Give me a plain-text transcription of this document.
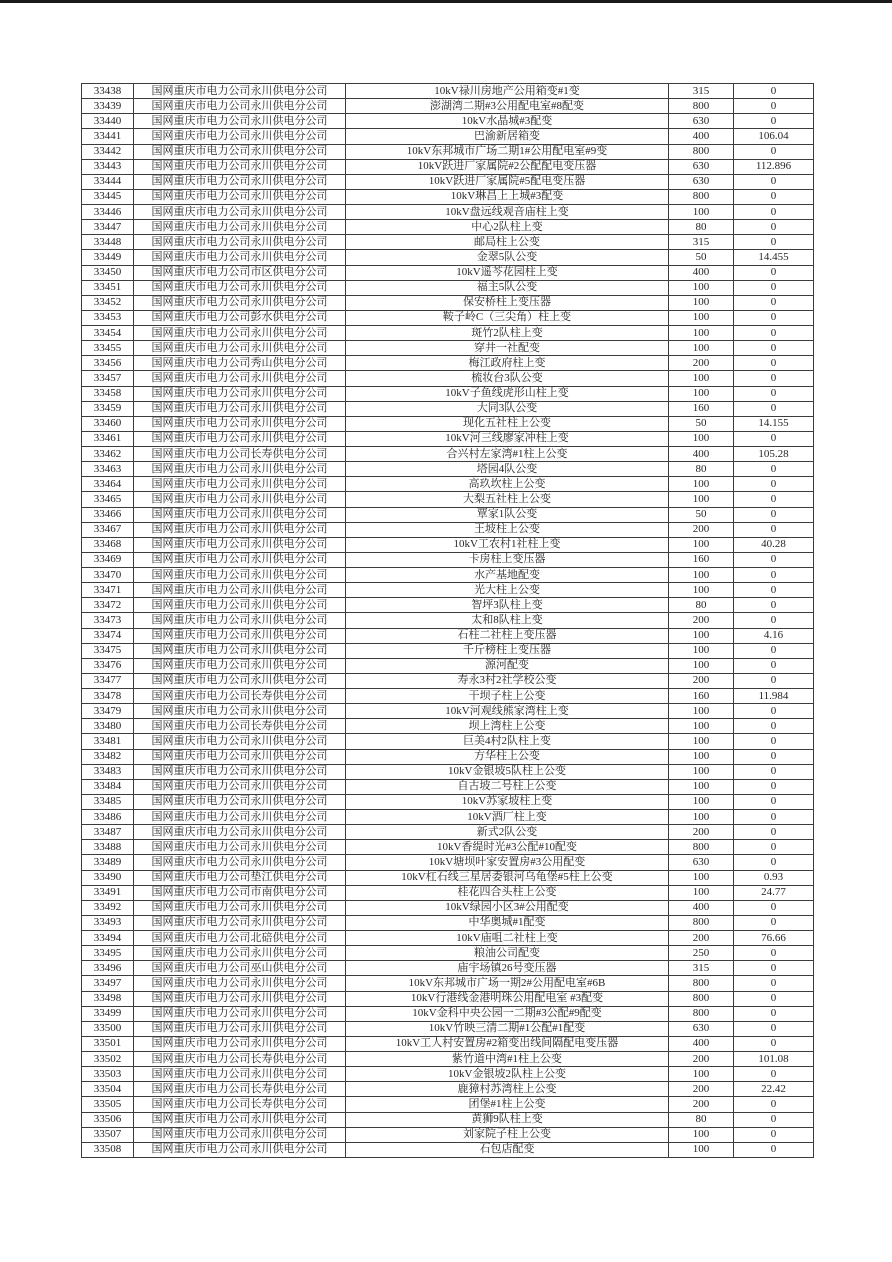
33438	国网重庆市电力公司永川供电分公司	10kV禄川房地产公用箱变#1变	315	0
33439	国网重庆市电力公司永川供电分公司	澎湖湾二期#3公用配电室#8配变	800	0
33440	国网重庆市电力公司永川供电分公司	10kV水晶城#3配变	630	0
33441	国网重庆市电力公司永川供电分公司	巴渝新居箱变	400	106.04
33442	国网重庆市电力公司永川供电分公司	10kV东邦城市广场二期1#公用配电室#9变	800	0
33443	国网重庆市电力公司永川供电分公司	10kV跃进厂家属院#2公配配电变压器	630	112.896
33444	国网重庆市电力公司永川供电分公司	10kV跃进厂家属院#5配电变压器	630	0
33445	国网重庆市电力公司永川供电分公司	10kV琳昌上上城#3配变	800	0
33446	国网重庆市电力公司永川供电分公司	10kV盘远线观音庙柱上变	100	0
33447	国网重庆市电力公司永川供电分公司	中心2队柱上变	80	0
33448	国网重庆市电力公司永川供电分公司	邮局柱上公变	315	0
33449	国网重庆市电力公司永川供电分公司	金翠5队公变	50	14.455
33450	国网重庆市电力公司市区供电分公司	10kV遥芩花园柱上变	400	0
33451	国网重庆市电力公司永川供电分公司	福主5队公变	100	0
33452	国网重庆市电力公司永川供电分公司	保安桥柱上变压器	100	0
33453	国网重庆市电力公司彭水供电分公司	鞍子岭C（三尖角）柱上变	100	0
33454	国网重庆市电力公司永川供电分公司	斑竹2队柱上变	100	0
33455	国网重庆市电力公司永川供电分公司	穿井一社配变	100	0
33456	国网重庆市电力公司秀山供电分公司	梅江政府柱上变	200	0
33457	国网重庆市电力公司永川供电分公司	梳妆台3队公变	100	0
33458	国网重庆市电力公司永川供电分公司	10kV子鱼线虎形山柱上变	100	0
33459	国网重庆市电力公司永川供电分公司	大同3队公变	160	0
33460	国网重庆市电力公司永川供电分公司	现化五社柱上公变	50	14.155
33461	国网重庆市电力公司永川供电分公司	10kV河三线廖家冲柱上变	100	0
33462	国网重庆市电力公司长寿供电分公司	合兴村左家湾#1柱上公变	400	105.28
33463	国网重庆市电力公司永川供电分公司	塔园4队公变	80	0
33464	国网重庆市电力公司永川供电分公司	高玖坎柱上公变	100	0
33465	国网重庆市电力公司永川供电分公司	大梨五社柱上公变	100	0
33466	国网重庆市电力公司永川供电分公司	覃家1队公变	50	0
33467	国网重庆市电力公司永川供电分公司	王坡柱上公变	200	0
33468	国网重庆市电力公司永川供电分公司	10kV工农村1社柱上变	100	40.28
33469	国网重庆市电力公司永川供电分公司	卡房柱上变压器	160	0
33470	国网重庆市电力公司永川供电分公司	水产基地配变	100	0
33471	国网重庆市电力公司永川供电分公司	光大柱上公变	100	0
33472	国网重庆市电力公司永川供电分公司	智坪3队柱上变	80	0
33473	国网重庆市电力公司永川供电分公司	太和8队柱上变	200	0
33474	国网重庆市电力公司永川供电分公司	石柱二社柱上变压器	100	4.16
33475	国网重庆市电力公司永川供电分公司	千斤榜柱上变压器	100	0
33476	国网重庆市电力公司永川供电分公司	源河配变	100	0
33477	国网重庆市电力公司永川供电分公司	寿永3村2社学校公变	200	0
33478	国网重庆市电力公司长寿供电分公司	干坝子柱上公变	160	11.984
33479	国网重庆市电力公司永川供电分公司	10kV河观线熊家湾柱上变	100	0
33480	国网重庆市电力公司长寿供电分公司	坝上湾柱上公变	100	0
33481	国网重庆市电力公司永川供电分公司	巨美4村2队柱上变	100	0
33482	国网重庆市电力公司永川供电分公司	方华柱上公变	100	0
33483	国网重庆市电力公司永川供电分公司	10kV金银坡5队柱上公变	100	0
33484	国网重庆市电力公司永川供电分公司	自古坡二号柱上公变	100	0
33485	国网重庆市电力公司永川供电分公司	10kV苏家坡柱上变	100	0
33486	国网重庆市电力公司永川供电分公司	10kV酒厂柱上变	100	0
33487	国网重庆市电力公司永川供电分公司	新式2队公变	200	0
33488	国网重庆市电力公司永川供电分公司	10kV香缇时光#3公配#10配变	800	0
33489	国网重庆市电力公司永川供电分公司	10kV塘坝叶家安置房#3公用配变	630	0
33490	国网重庆市电力公司垫江供电分公司	10kV杠石线三星居委银河乌龟堡#5柱上公变	100	0.93
33491	国网重庆市电力公司市南供电分公司	桂花四合头柱上公变	100	24.77
33492	国网重庆市电力公司永川供电分公司	10kV绿园小区3#公用配变	400	0
33493	国网重庆市电力公司永川供电分公司	中华奥城#1配变	800	0
33494	国网重庆市电力公司北碚供电分公司	10kV庙咀二社柱上变	200	76.66
33495	国网重庆市电力公司永川供电分公司	粮油公司配变	250	0
33496	国网重庆市电力公司巫山供电分公司	庙宇场镇26号变压器	315	0
33497	国网重庆市电力公司永川供电分公司	10kV东邦城市广场一期2#公用配电室#6B	800	0
33498	国网重庆市电力公司永川供电分公司	10kV行港线金港明珠公用配电室 #3配变	800	0
33499	国网重庆市电力公司永川供电分公司	10kV金科中央公园一二期#3公配#9配变	800	0
33500	国网重庆市电力公司永川供电分公司	10kV竹映三清二期#1公配#1配变	630	0
33501	国网重庆市电力公司永川供电分公司	10kV工人村安置房#2箱变出线间隔配电变压器	400	0
33502	国网重庆市电力公司长寿供电分公司	紫竹道中湾#1柱上公变	200	101.08
33503	国网重庆市电力公司永川供电分公司	10kV金银坡2队柱上公变	100	0
33504	国网重庆市电力公司长寿供电分公司	鹿獐村苏湾柱上公变	200	22.42
33505	国网重庆市电力公司长寿供电分公司	团堡#1柱上公变	200	0
33506	国网重庆市电力公司永川供电分公司	黄狮9队柱上变	80	0
33507	国网重庆市电力公司永川供电分公司	刘家院子柱上公变	100	0
33508	国网重庆市电力公司永川供电分公司	石包店配变	100	0
